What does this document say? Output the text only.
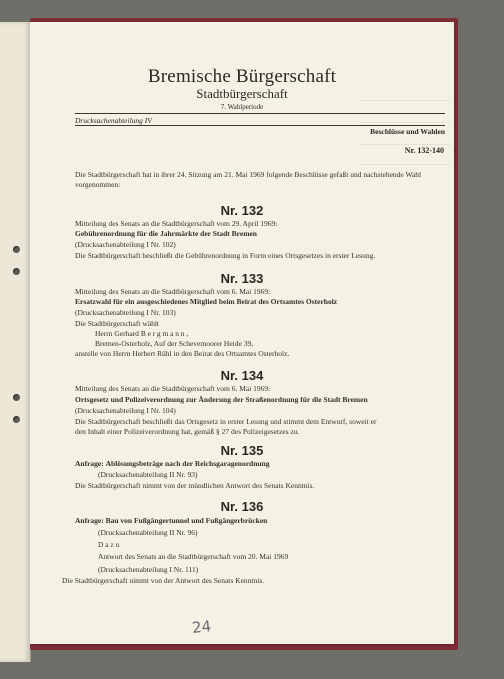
Bremische Bürgerschaft
Stadtbürgerschaft
7. Wahlperiode
Drucksachenabteilung IV
Beschlüsse und Wahlen
Nr. 132-140
Die Stadtbürgerschaft hat in ihrer 24. Sitzung am 21. Mai 1969 folgende Beschlüsse gefaßt und nachstehende Wahl vorgenommen:
Nr. 132
Mitteilung des Senats an die Stadtbürgerschaft vom 29. April 1969:
Gebührenordnung für die Jahrmärkte der Stadt Bremen
(Drucksachenabteilung I Nr. 102)
Die Stadtbürgerschaft beschließt die Gebührenordnung in Form eines Ortsgesetzes in erster Lesung.
Nr. 133
Mitteilung des Senats an die Stadtbürgerschaft vom 6. Mai 1969:
Ersatzwahl für ein ausgeschiedenes Mitglied beim Beirat des Ortsamtes Osterholz
(Drucksachenabteilung I Nr. 103)
Die Stadtbürgerschaft wählt
Herrn Gerhard Bergmann,
Bremen-Osterholz, Auf der Schevemoorer Heide 39,
anstelle von Herrn Herbert Rühl in den Beirat des Ortsamtes Osterholz.
Nr. 134
Mitteilung des Senats an die Stadtbürgerschaft vom 6. Mai 1969:
Ortsgesetz und Polizeiverordnung zur Änderung der Straßenordnung für die Stadt Bremen
(Drucksachenabteilung I Nr. 104)
Die Stadtbürgerschaft beschließt das Ortsgesetz in erster Lesung und stimmt dem Entwurf, soweit er
den Inhalt einer Polizeiverordnung hat, gemäß § 27 des Polizeigesetzes zu.
Nr. 135
Anfrage: Ablösungsbeträge nach der Reichsgaragenordnung
(Drucksachenabteilung II Nr. 93)
Die Stadtbürgerschaft nimmt von der mündlichen Antwort des Senats Kenntnis.
Nr. 136
Anfrage: Bau von Fußgängertunnel und Fußgängerbrücken
(Drucksachenabteilung II Nr. 96)
Dazu
Antwort des Senats an die Stadtbürgerschaft vom 20. Mai 1969
(Drucksachenabteilung I Nr. 111)
Die Stadtbürgerschaft nimmt von der Antwort des Senats Kenntnis.
24
